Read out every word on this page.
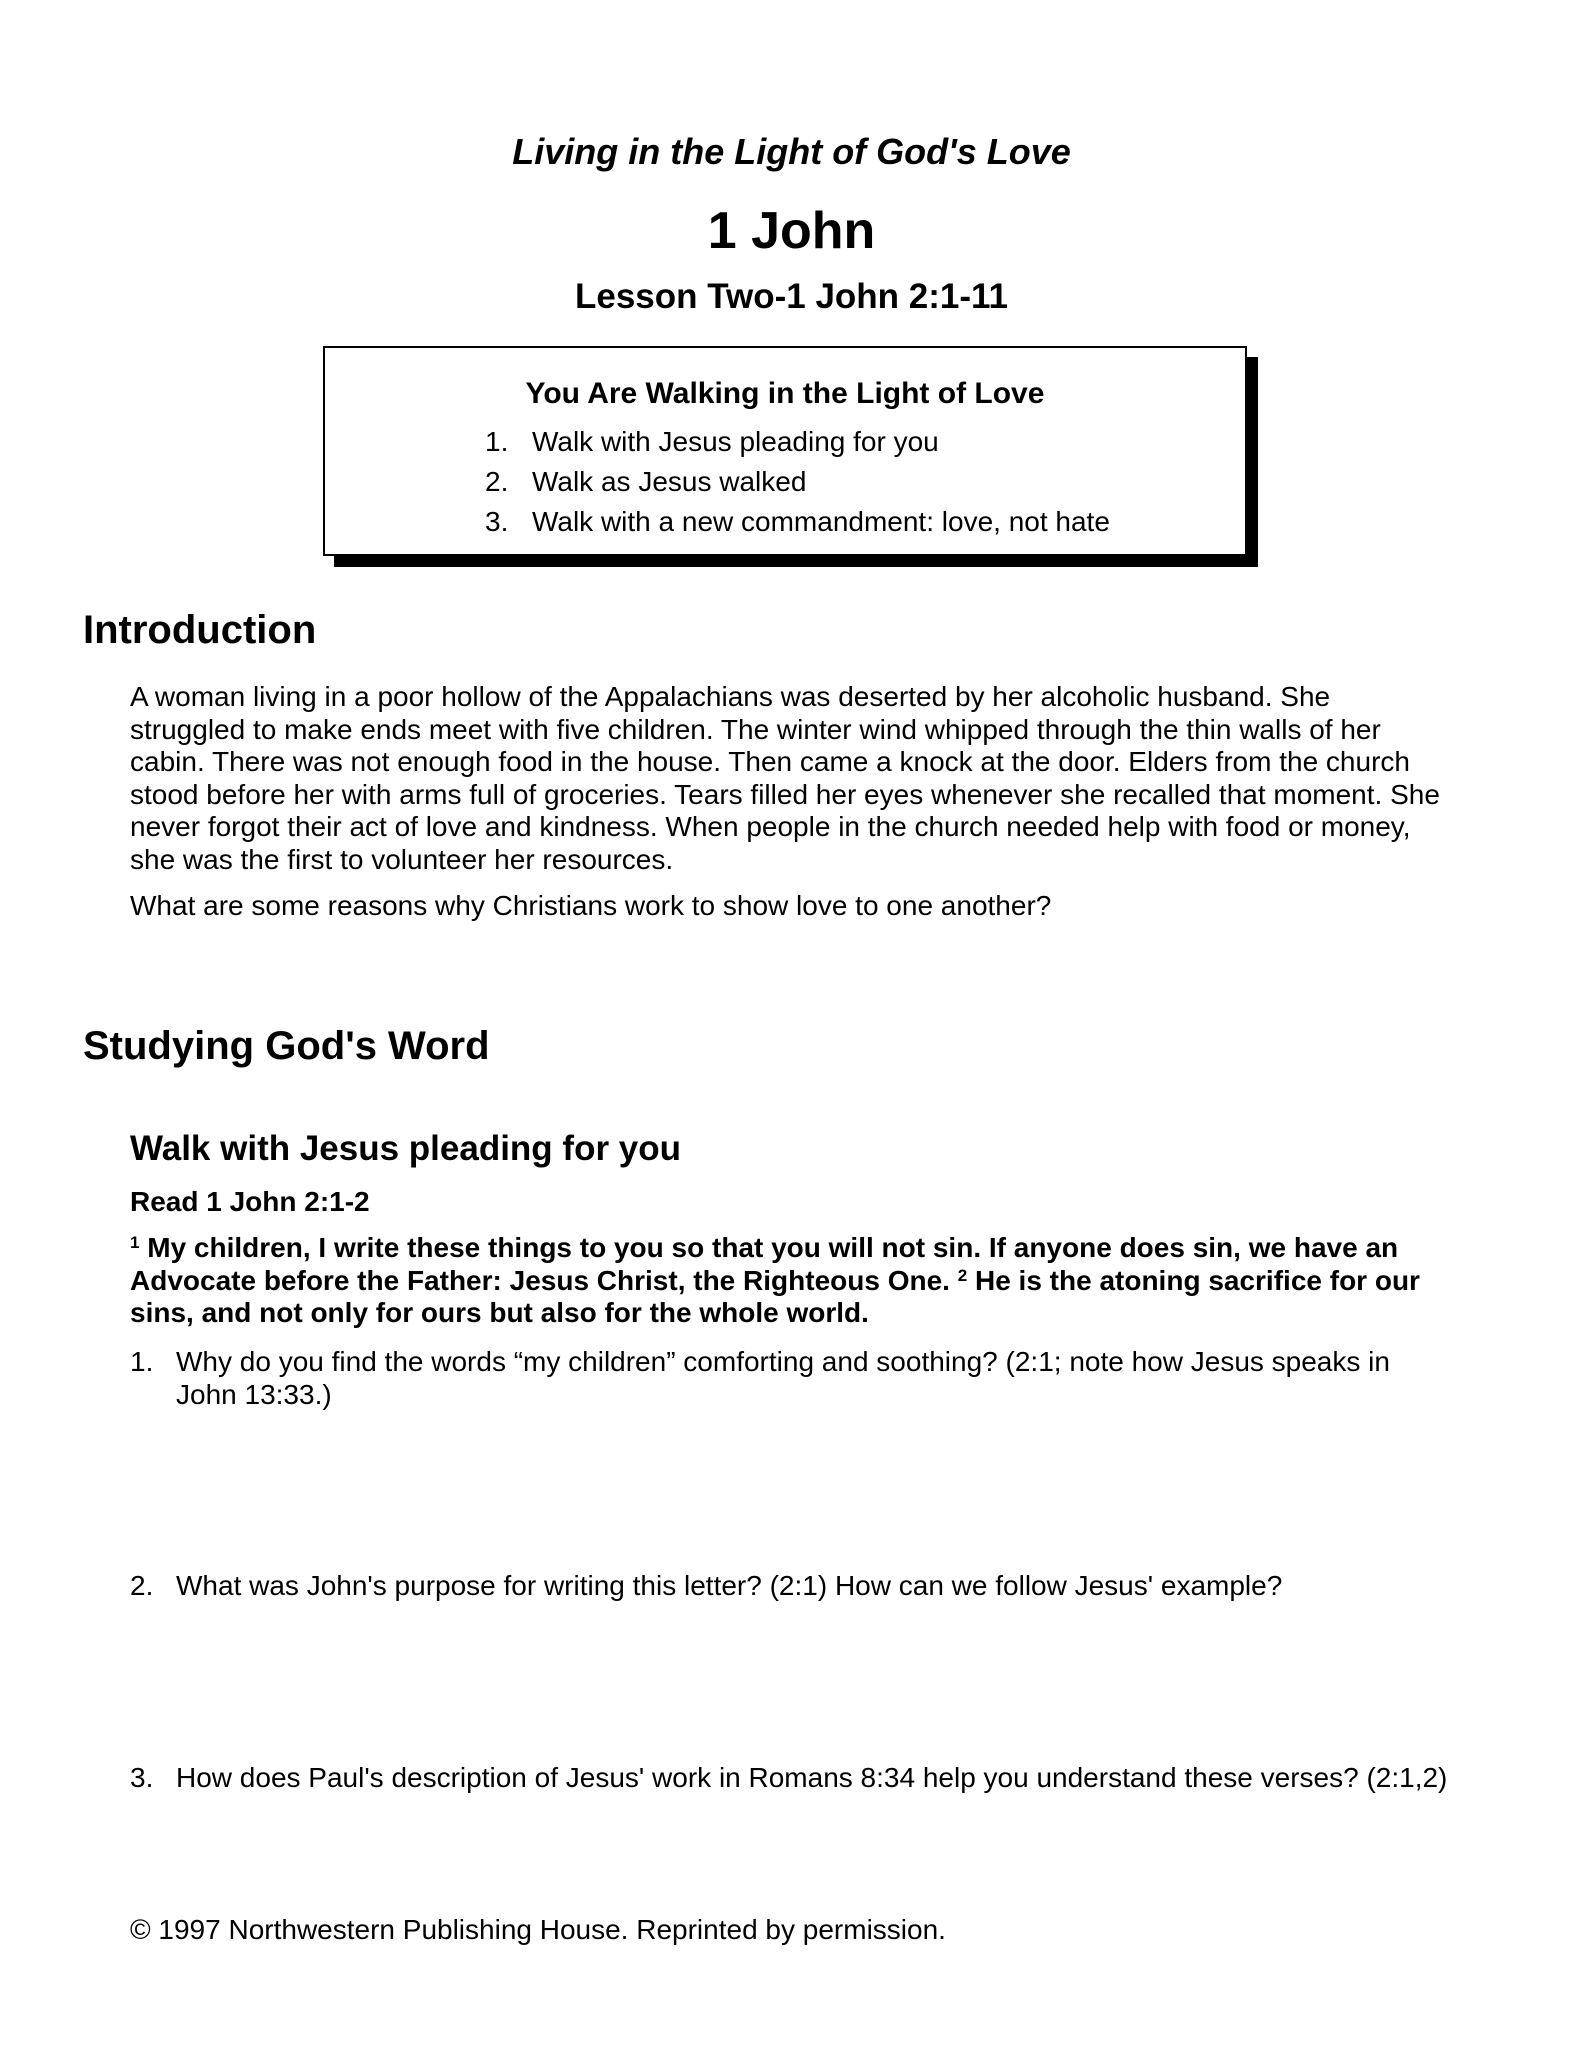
Living in the Light of God's Love
1 John
Lesson Two-1 John 2:1-11
You Are Walking in the Light of Love
1. Walk with Jesus pleading for you
2. Walk as Jesus walked
3. Walk with a new commandment: love, not hate
Introduction

A woman living in a poor hollow of the Appalachians was deserted by her alcoholic husband. She struggled to make ends meet with five children. The winter wind whipped through the thin walls of her cabin. There was not enough food in the house. Then came a knock at the door. Elders from the church stood before her with arms full of groceries. Tears filled her eyes whenever she recalled that moment. She never forgot their act of love and kindness. When people in the church needed help with food or money, she was the first to volunteer her resources.

What are some reasons why Christians work to show love to one another?

Studying God's Word
Walk with Jesus pleading for you
Read 1 John 2:1-2

$^1$ My children, I write these things to you so that you will not sin. If anyone does sin, we have an Advocate before the Father: Jesus Christ, the Righteous One. $^2$ He is the atoning sacrifice for our sins, and not only for ours but also for the whole world.

1. Why do you find the words “my children” comforting and soothing? (2:1; note how Jesus speaks in John 13:33.)
2. What was John's purpose for writing this letter? (2:1) How can we follow Jesus' example?
3. How does Paul's description of Jesus' work in Romans 8:34 help you understand these verses? (2:1,2)
© 1997 Northwestern Publishing House. Reprinted by permission.
